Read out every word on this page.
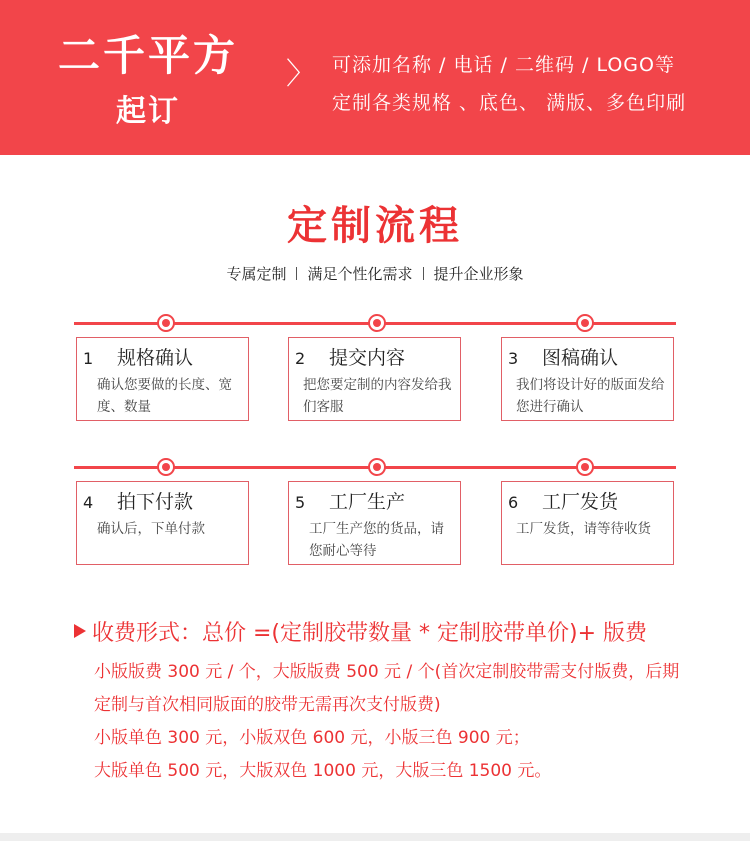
二千平方
起订
〉 可添加名称 / 电话 / 二维码 / LOGO等
定制各类规格 、底色、 满版、多色印刷
定制流程
专属定制 满足个性化需求 提升企业形象
1 规格确认
确认您要做的长度、宽度、数量
2 提交内容
把您要定制的内容发给我们客服
3 图稿确认
我们将设计好的版面发给您进行确认
4 拍下付款
确认后，下单付款
5 工厂生产
工厂生产您的货品，请您耐心等待
6 工厂发货
工厂发货，请等待收货
收费形式：总价 =(定制胶带数量 * 定制胶带单价)+ 版费
小版版费 300 元 / 个，大版版费 500 元 / 个(首次定制胶带需支付版费，后期
定制与首次相同版面的胶带无需再次支付版费)
小版单色 300 元，小版双色 600 元，小版三色 900 元；
大版单色 500 元，大版双色 1000 元，大版三色 1500 元。
